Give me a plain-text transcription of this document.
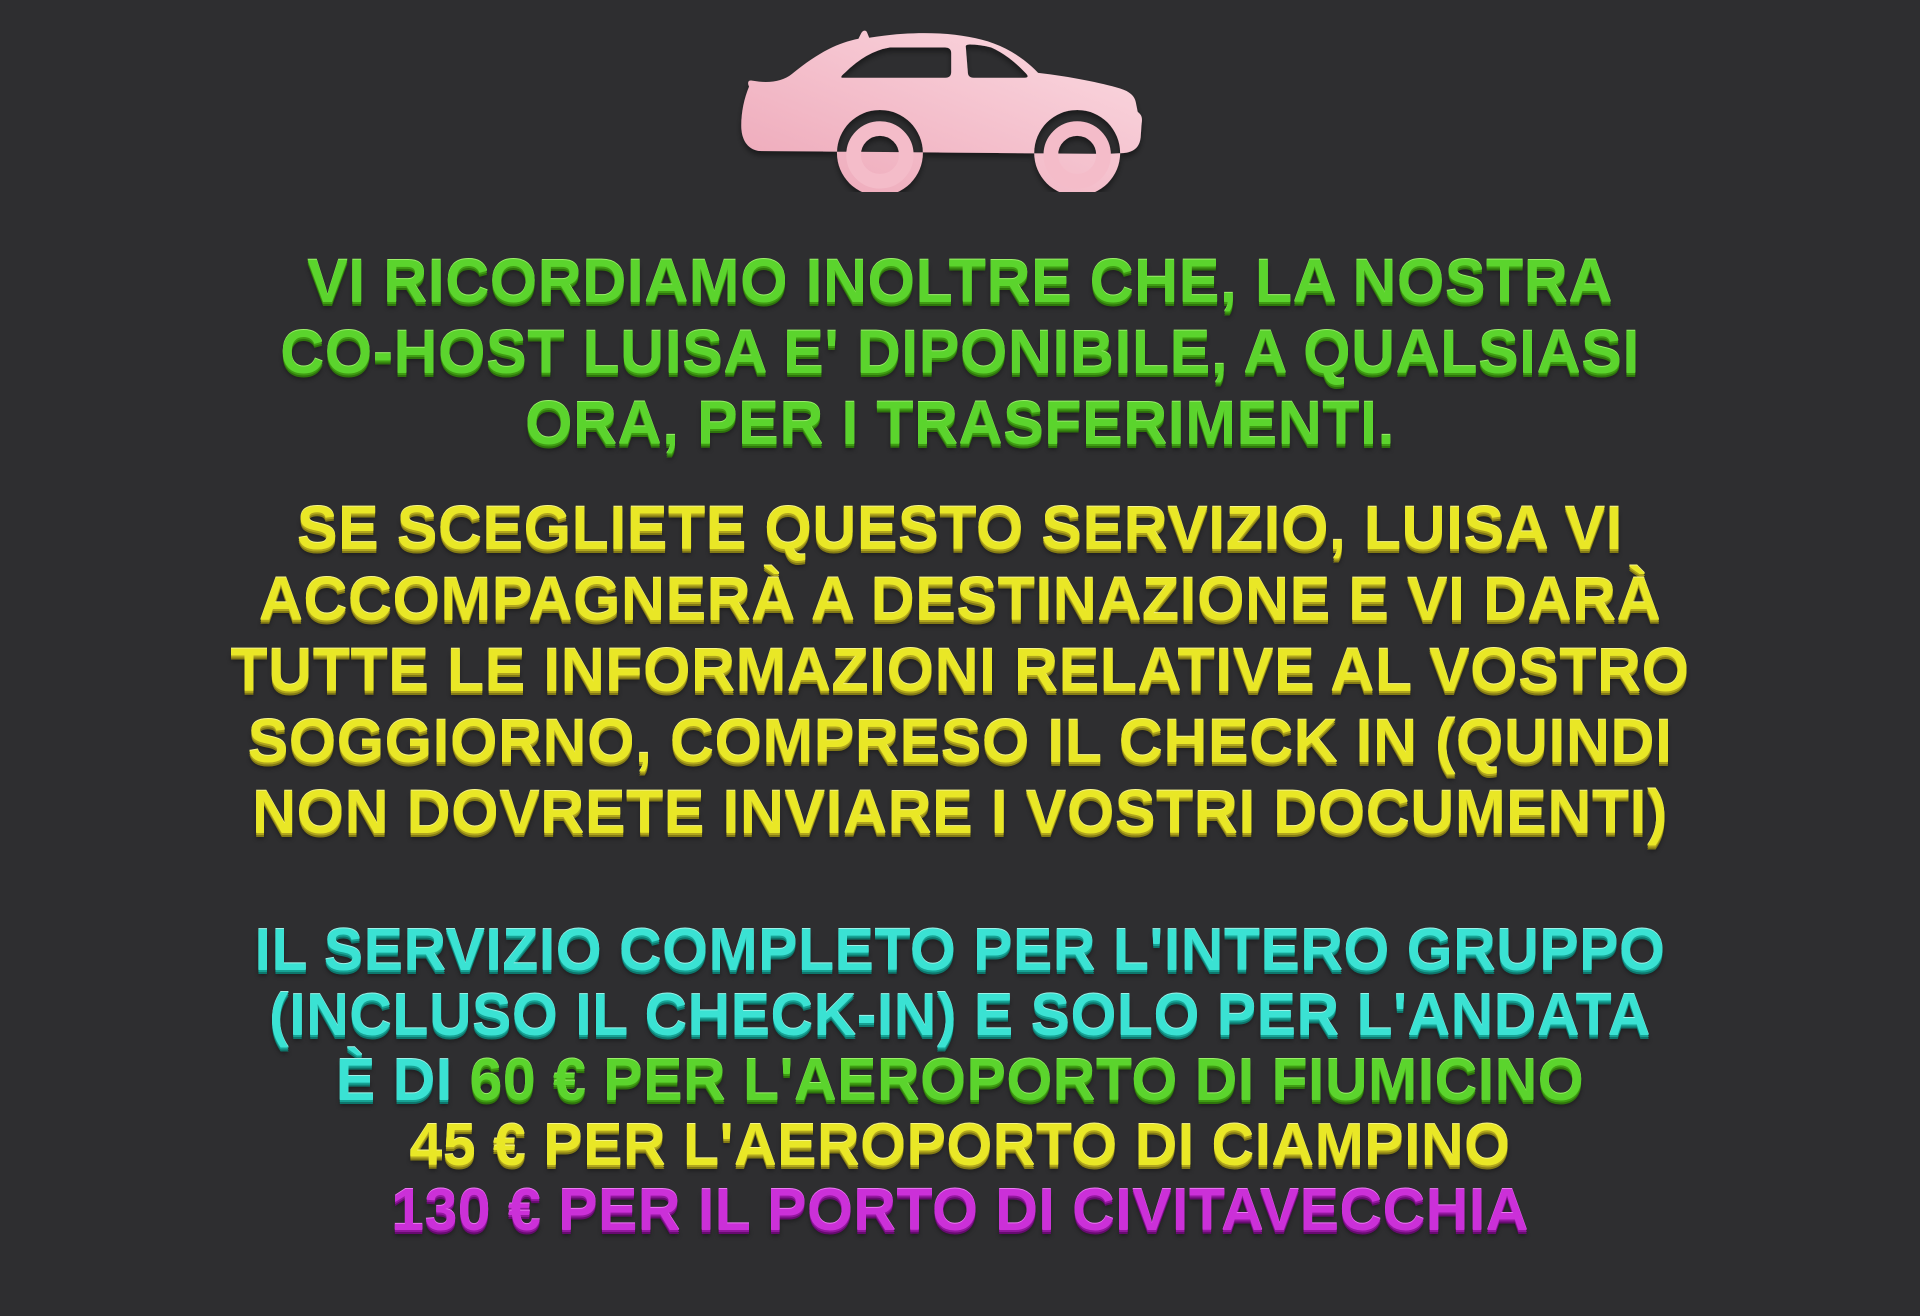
VI RICORDIAMO INOLTRE CHE, LA NOSTRA
CO-HOST LUISA E' DIPONIBILE, A QUALSIASI
ORA, PER I TRASFERIMENTI.
SE SCEGLIETE QUESTO SERVIZIO, LUISA VI
ACCOMPAGNERÀ A DESTINAZIONE E VI DARÀ
TUTTE LE INFORMAZIONI RELATIVE AL VOSTRO
SOGGIORNO, COMPRESO IL CHECK IN (QUINDI
NON DOVRETE INVIARE I VOSTRI DOCUMENTI)
IL SERVIZIO COMPLETO PER L'INTERO GRUPPO
(INCLUSO IL CHECK-IN) E SOLO PER L'ANDATA
È DI 60 € PER L'AEROPORTO DI FIUMICINO
45 € PER L'AEROPORTO DI CIAMPINO
130 € PER IL PORTO DI CIVITAVECCHIA
